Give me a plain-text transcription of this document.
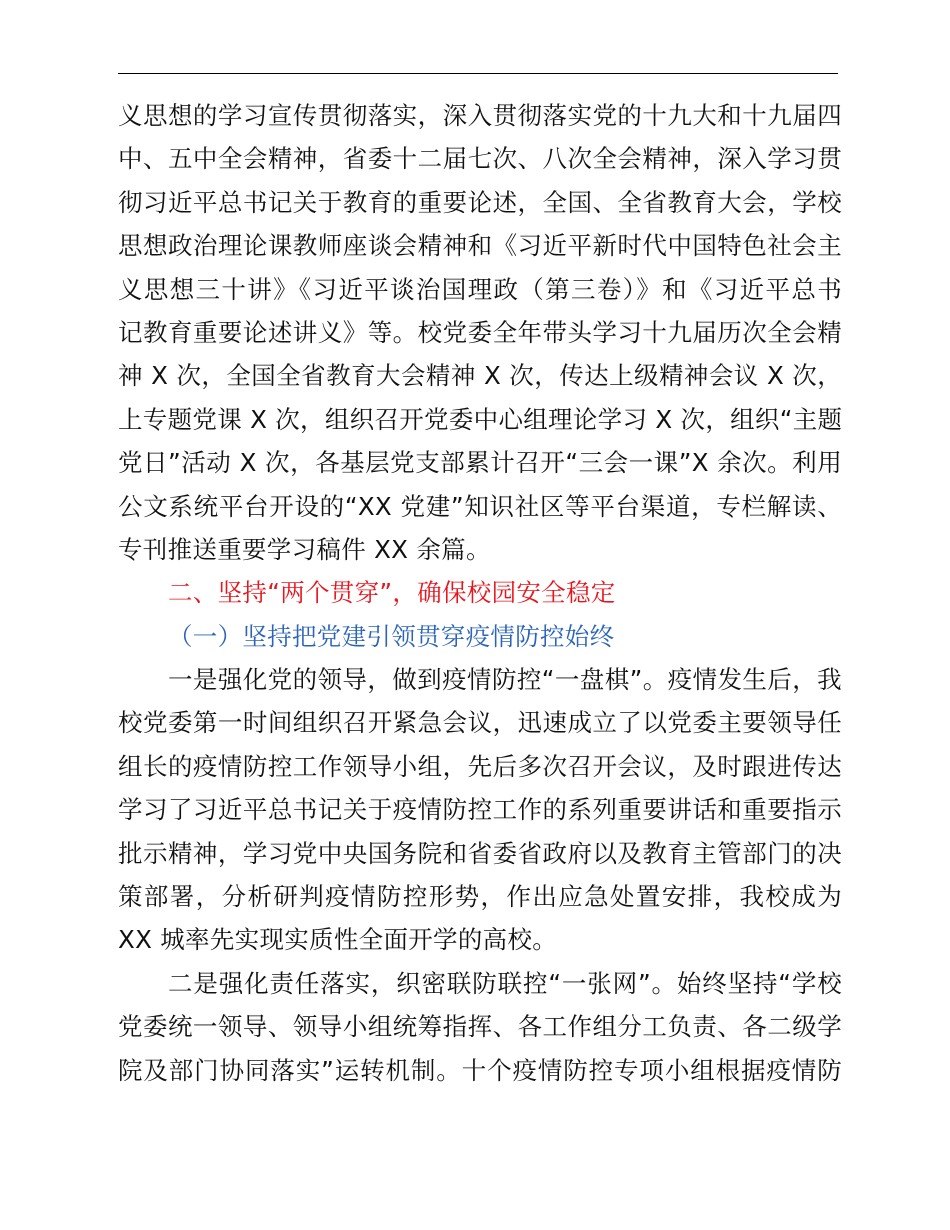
义思想的学习宣传贯彻落实，深入贯彻落实党的十九大和十九届四
中、五中全会精神，省委十二届七次、八次全会精神，深入学习贯
彻习近平总书记关于教育的重要论述，全国、全省教育大会，学校
思想政治理论课教师座谈会精神和《习近平新时代中国特色社会主
义思想三十讲》《习近平谈治国理政（第三卷）》和《习近平总书
记教育重要论述讲义》等。校党委全年带头学习十九届历次全会精
神 X 次，全国全省教育大会精神 X 次，传达上级精神会议 X 次，
上专题党课 X 次，组织召开党委中心组理论学习 X 次，组织“主题
党日”活动 X 次，各基层党支部累计召开“三会一课”X 余次。利用
公文系统平台开设的“XX 党建”知识社区等平台渠道，专栏解读、
专刊推送重要学习稿件 XX 余篇。
二、坚持“两个贯穿”，确保校园安全稳定
（一）坚持把党建引领贯穿疫情防控始终
一是强化党的领导，做到疫情防控“一盘棋”。疫情发生后，我
校党委第一时间组织召开紧急会议，迅速成立了以党委主要领导任
组长的疫情防控工作领导小组，先后多次召开会议，及时跟进传达
学习了习近平总书记关于疫情防控工作的系列重要讲话和重要指示
批示精神，学习党中央国务院和省委省政府以及教育主管部门的决
策部署，分析研判疫情防控形势，作出应急处置安排，我校成为
XX 城率先实现实质性全面开学的高校。
二是强化责任落实，织密联防联控“一张网”。始终坚持“学校
党委统一领导、领导小组统筹指挥、各工作组分工负责、各二级学
院及部门协同落实”运转机制。十个疫情防控专项小组根据疫情防
